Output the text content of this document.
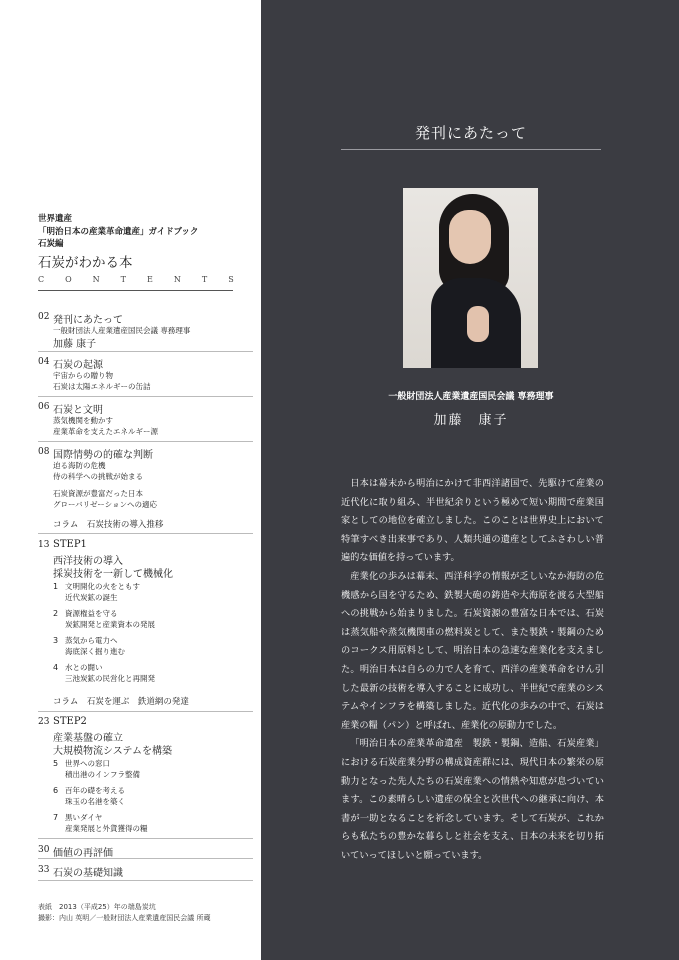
世界遺産
「明治日本の産業革命遺産」ガイドブック
石炭編
石炭がわかる本
CONTENTS
02 発刊にあたって
一般財団法人産業遺産国民会議 専務理事
加藤 康子
04 石炭の起源
宇宙からの贈り物
石炭は太陽エネルギーの缶詰
06 石炭と文明
蒸気機関を動かす
産業革命を支えたエネルギー源
08 国際情勢の的確な判断
迫る海防の危機
侍の科学への挑戦が始まる
石炭資源が豊富だった日本
グローバリゼーションへの適応
コラム　石炭技術の導入推移
13 STEP1
西洋技術の導入
採炭技術を一新して機械化
1 文明開化の火をともす
近代炭鉱の誕生
2 資源権益を守る
炭鉱開発と産業資本の発展
3 蒸気から電力へ
海底深く掘り進む
4 水との闘い
三池炭鉱の民営化と再開発
コラム　石炭を運ぶ　鉄道網の発達
23 STEP2
産業基盤の確立
大規模物流システムを構築
5 世界への窓口
積出港のインフラ整備
6 百年の礎を考える
珠玉の名港を築く
7 黒いダイヤ
産業発展と外貨獲得の糧
30 価値の再評価
33 石炭の基礎知識
表紙　2013（平成25）年の端島炭坑
撮影：内山 英明／一般財団法人産業遺産国民会議 所蔵
発刊にあたって
一般財団法人産業遺産国民会議 専務理事
加藤　康子

日本は幕末から明治にかけて非西洋諸国で、先駆けて産業の近代化に取り組み、半世紀余りという極めて短い期間で産業国家としての地位を確立しました。このことは世界史上において特筆すべき出来事であり、人類共通の遺産としてふさわしい普遍的な価値を持っています。

産業化の歩みは幕末、西洋科学の情報が乏しいなか海防の危機感から国を守るため、鉄製大砲の鋳造や大海原を渡る大型船への挑戦から始まりました。石炭資源の豊富な日本では、石炭は蒸気船や蒸気機関車の燃料炭として、また製鉄・製鋼のためのコークス用原料として、明治日本の急速な産業化を支えました。明治日本は自らの力で人を育て、西洋の産業革命をけん引した最新の技術を導入することに成功し、半世紀で産業のシステムやインフラを構築しました。近代化の歩みの中で、石炭は産業の糧（パン）と呼ばれ、産業化の原動力でした。

「明治日本の産業革命遺産　製鉄・製鋼、造船、石炭産業」における石炭産業分野の構成資産群には、現代日本の繁栄の原動力となった先人たちの石炭産業への情熱や知恵が息づいています。この素晴らしい遺産の保全と次世代への継承に向け、本書が一助となることを祈念しています。そして石炭が、これからも私たちの豊かな暮らしと社会を支え、日本の未来を切り拓いていってほしいと願っています。
